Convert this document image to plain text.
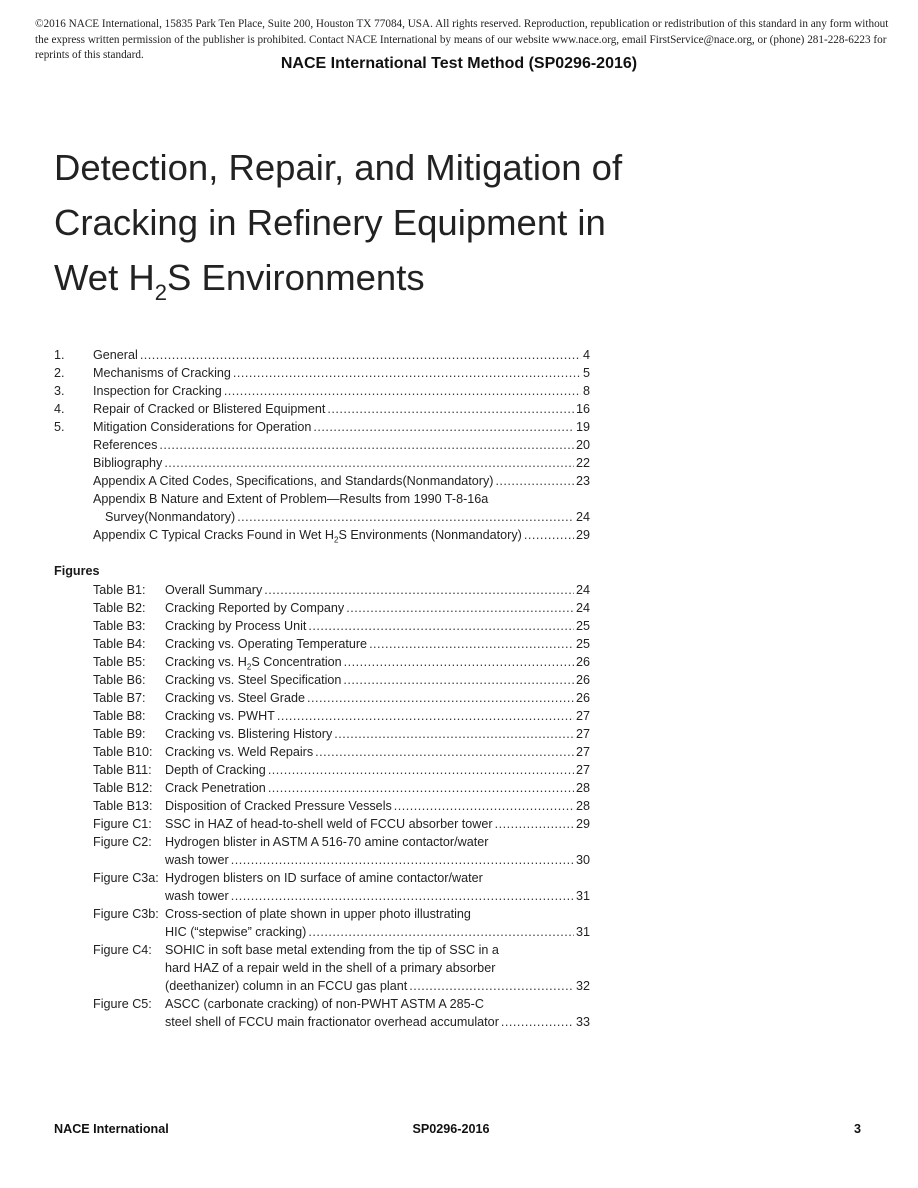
©2016 NACE International, 15835 Park Ten Place, Suite 200, Houston TX 77084, USA. All rights reserved. Reproduction, republication or redistribution of this standard in any form without the express written permission of the publisher is prohibited. Contact NACE International by means of our website www.nace.org, email FirstService@nace.org, or (phone) 281-228-6223 for reprints of this standard.	NACE International Test Method (SP0296-2016)
Detection, Repair, and Mitigation of
Cracking in Refinery Equipment in
Wet $H_2S$ Environments
1. General .....	4
2. Mechanisms of Cracking .....	5
3. Inspection for Cracking .....	8
4. Repair of Cracked or Blistered Equipment .....	16
5. Mitigation Considerations for Operation .....	19
References .....	20
Bibliography .....	22
Appendix A Cited Codes, Specifications, and Standards(Nonmandatory) .....	23
Appendix B Nature and Extent of Problem—Results from 1990 T-8-16a
Survey(Nonmandatory) .....	24
Appendix C Typical Cracks Found in Wet $H_2S$ Environments (Nonmandatory) .....	29
Figures
Table B1: Overall Summary .....	24
Table B2: Cracking Reported by Company .....	24
Table B3: Cracking by Process Unit .....	25
Table B4: Cracking vs. Operating Temperature .....	25
Table B5: Cracking vs. $H_2S$ Concentration .....	26
Table B6: Cracking vs. Steel Specification .....	26
Table B7: Cracking vs. Steel Grade .....	26
Table B8: Cracking vs. PWHT .....	27
Table B9: Cracking vs. Blistering History .....	27
Table B10: Cracking vs. Weld Repairs .....	27
Table B11: Depth of Cracking .....	27
Table B12: Crack Penetration .....	28
Table B13: Disposition of Cracked Pressure Vessels .....	28
Figure C1: SSC in HAZ of head-to-shell weld of FCCU absorber tower .....	29
Figure C2: Hydrogen blister in ASTM A 516-70 amine contactor/water
wash tower .....	30
Figure C3a: Hydrogen blisters on ID surface of amine contactor/water
wash tower .....	31
Figure C3b: Cross-section of plate shown in upper photo illustrating
HIC (“stepwise” cracking) .....	31
Figure C4: SOHIC in soft base metal extending from the tip of SSC in a
hard HAZ of a repair weld in the shell of a primary absorber
(deethanizer) column in an FCCU gas plant .....	32
Figure C5: ASCC (carbonate cracking) of non-PWHT ASTM A 285-C
steel shell of FCCU main fractionator overhead accumulator .....	33
NACE International	SP0296-2016	3
